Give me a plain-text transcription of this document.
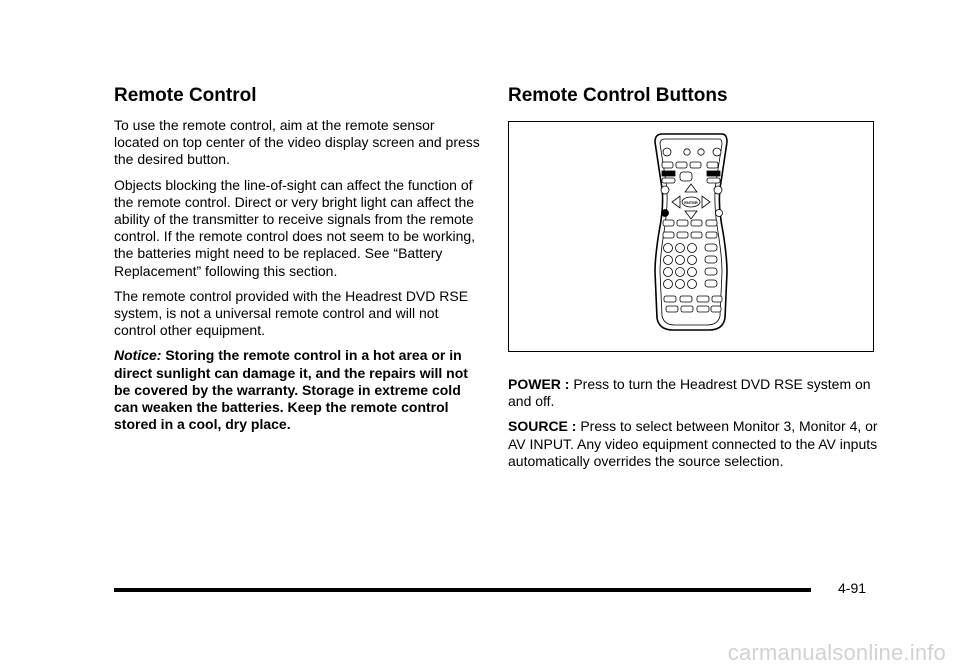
Remote Control

To use the remote control, aim at the remote sensor located on top center of the video display screen and press the desired button.

Objects blocking the line-of-sight can affect the function of the remote control. Direct or very bright light can affect the ability of the transmitter to receive signals from the remote control. If the remote control does not seem to be working, the batteries might need to be replaced. See “Battery Replacement” following this section.

The remote control provided with the Headrest DVD RSE system, is not a universal remote control and will not control other equipment.

Notice: Storing the remote control in a hot area or in direct sunlight can damage it, and the repairs will not be covered by the warranty. Storage in extreme cold can weaken the batteries. Keep the remote control stored in a cool, dry place.

Remote Control Buttons
ENTER

POWER : Press to turn the Headrest DVD RSE system on and off.

SOURCE : Press to select between Monitor 3, Monitor 4, or AV INPUT. Any video equipment connected to the AV inputs automatically overrides the source selection.

4-91
carmanualsonline.info
